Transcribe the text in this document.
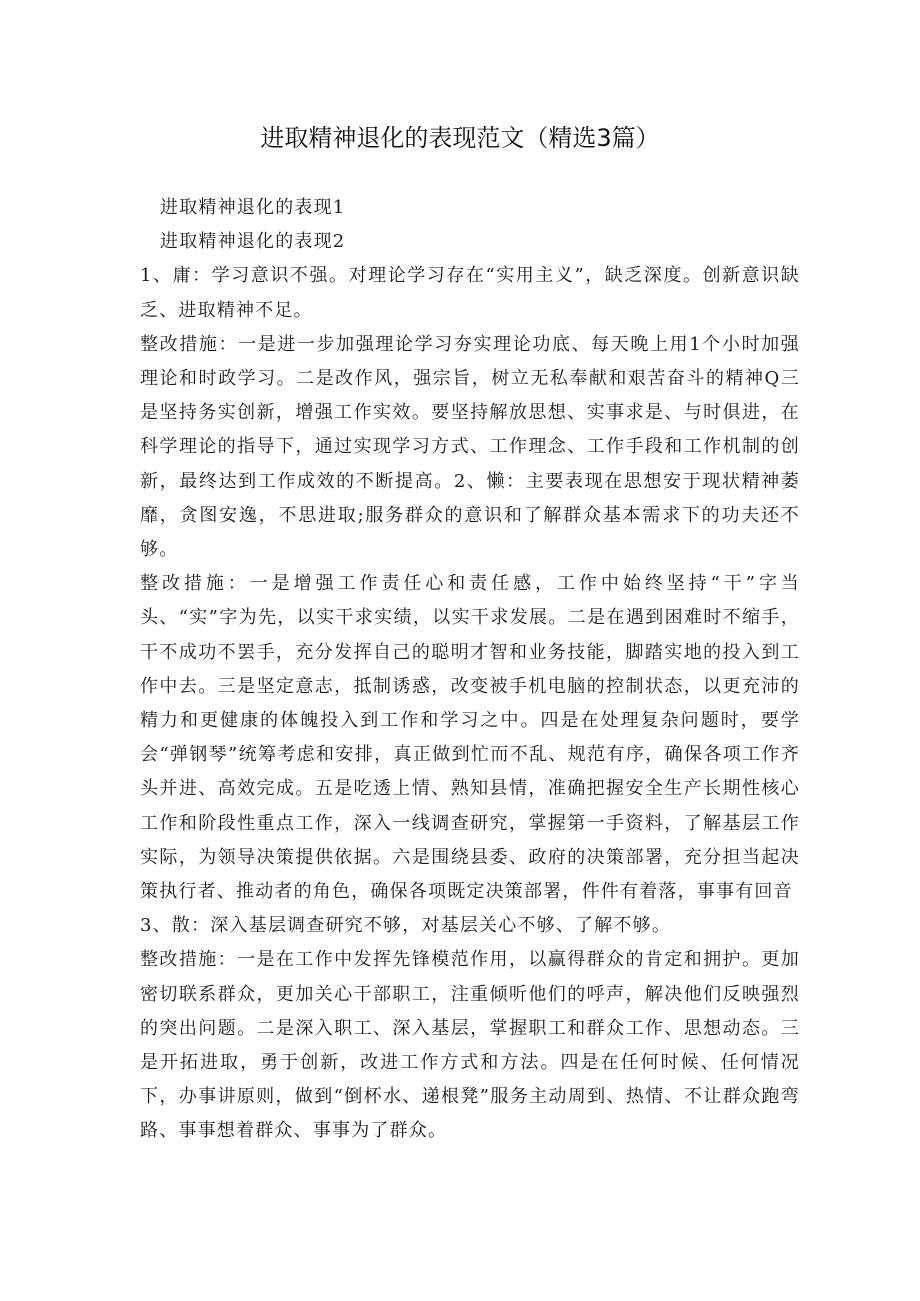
进取精神退化的表现范文（精选3篇）

进取精神退化的表现1

进取精神退化的表现2

1、庸：学习意识不强。对理论学习存在“实用主义”，缺乏深度。创新意识缺乏、进取精神不足。

整改措施：一是进一步加强理论学习夯实理论功底、每天晚上用1个小时加强理论和时政学习。二是改作风，强宗旨，树立无私奉献和艰苦奋斗的精神Q三是坚持务实创新，增强工作实效。要坚持解放思想、实事求是、与时俱进，在科学理论的指导下，通过实现学习方式、工作理念、工作手段和工作机制的创新，最终达到工作成效的不断提高。2、懒：主要表现在思想安于现状精神萎靡，贪图安逸，不思进取;服务群众的意识和了解群众基本需求下的功夫还不够。

整改措施：一是增强工作责任心和责任感，工作中始终坚持“干”字当头、“实”字为先，以实干求实绩，以实干求发展。二是在遇到困难时不缩手，干不成功不罢手，充分发挥自己的聪明才智和业务技能，脚踏实地的投入到工作中去。三是坚定意志，抵制诱惑，改变被手机电脑的控制状态，以更充沛的精力和更健康的体魄投入到工作和学习之中。四是在处理复杂问题时，要学会“弹钢琴”统筹考虑和安排，真正做到忙而不乱、规范有序，确保各项工作齐头并进、高效完成。五是吃透上情、熟知县情，准确把握安全生产长期性核心工作和阶段性重点工作，深入一线调查研究，掌握第一手资料，了解基层工作实际，为领导决策提供依据。六是围绕县委、政府的决策部署，充分担当起决策执行者、推动者的角色，确保各项既定决策部署，件件有着落，事事有回音

3、散：深入基层调查研究不够，对基层关心不够、了解不够。

整改措施：一是在工作中发挥先锋模范作用，以赢得群众的肯定和拥护。更加密切联系群众，更加关心干部职工，注重倾听他们的呼声，解决他们反映强烈的突出问题。二是深入职工、深入基层，掌握职工和群众工作、思想动态。三是开拓进取，勇于创新，改进工作方式和方法。四是在任何时候、任何情况下，办事讲原则，做到“倒杯水、递根凳”服务主动周到、热情、不让群众跑弯路、事事想着群众、事事为了群众。
